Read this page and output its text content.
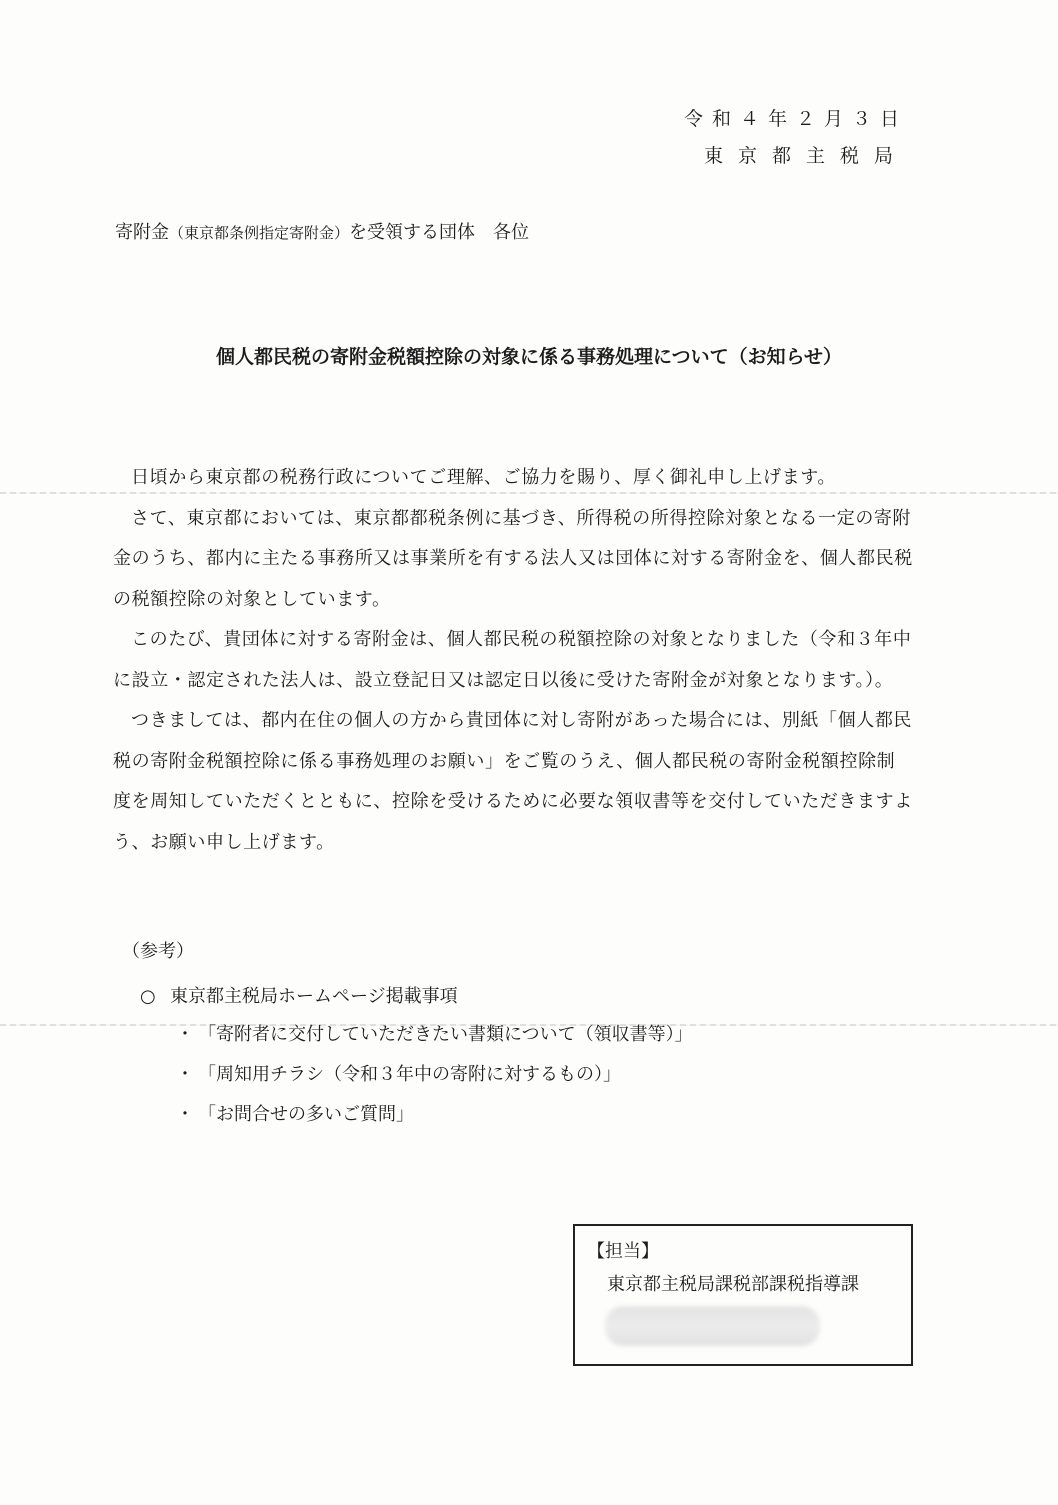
令和４年２月３日
東京都主税局
寄附金（東京都条例指定寄附金）を受領する団体　各位
個人都民税の寄附金税額控除の対象に係る事務処理について（お知らせ）

日頃から東京都の税務行政についてご理解、ご協力を賜り、厚く御礼申し上げます。

さて、東京都においては、東京都都税条例に基づき、所得税の所得控除対象となる一定の寄附金のうち、都内に主たる事務所又は事業所を有する法人又は団体に対する寄附金を、個人都民税の税額控除の対象としています。

このたび、貴団体に対する寄附金は、個人都民税の税額控除の対象となりました（令和３年中に設立・認定された法人は、設立登記日又は認定日以後に受けた寄附金が対象となります。）。

つきましては、都内在住の個人の方から貴団体に対し寄附があった場合には、別紙「個人都民税の寄附金税額控除に係る事務処理のお願い」をご覧のうえ、個人都民税の寄附金税額控除制度を周知していただくとともに、控除を受けるために必要な領収書等を交付していただきますよう、お願い申し上げます。

（参考）
○ 東京都主税局ホームページ掲載事項
・ 「寄附者に交付していただきたい書類について（領収書等）」
・ 「周知用チラシ（令和３年中の寄附に対するもの）」
・ 「お問合せの多いご質問」
【担当】
東京都主税局課税部課税指導課
